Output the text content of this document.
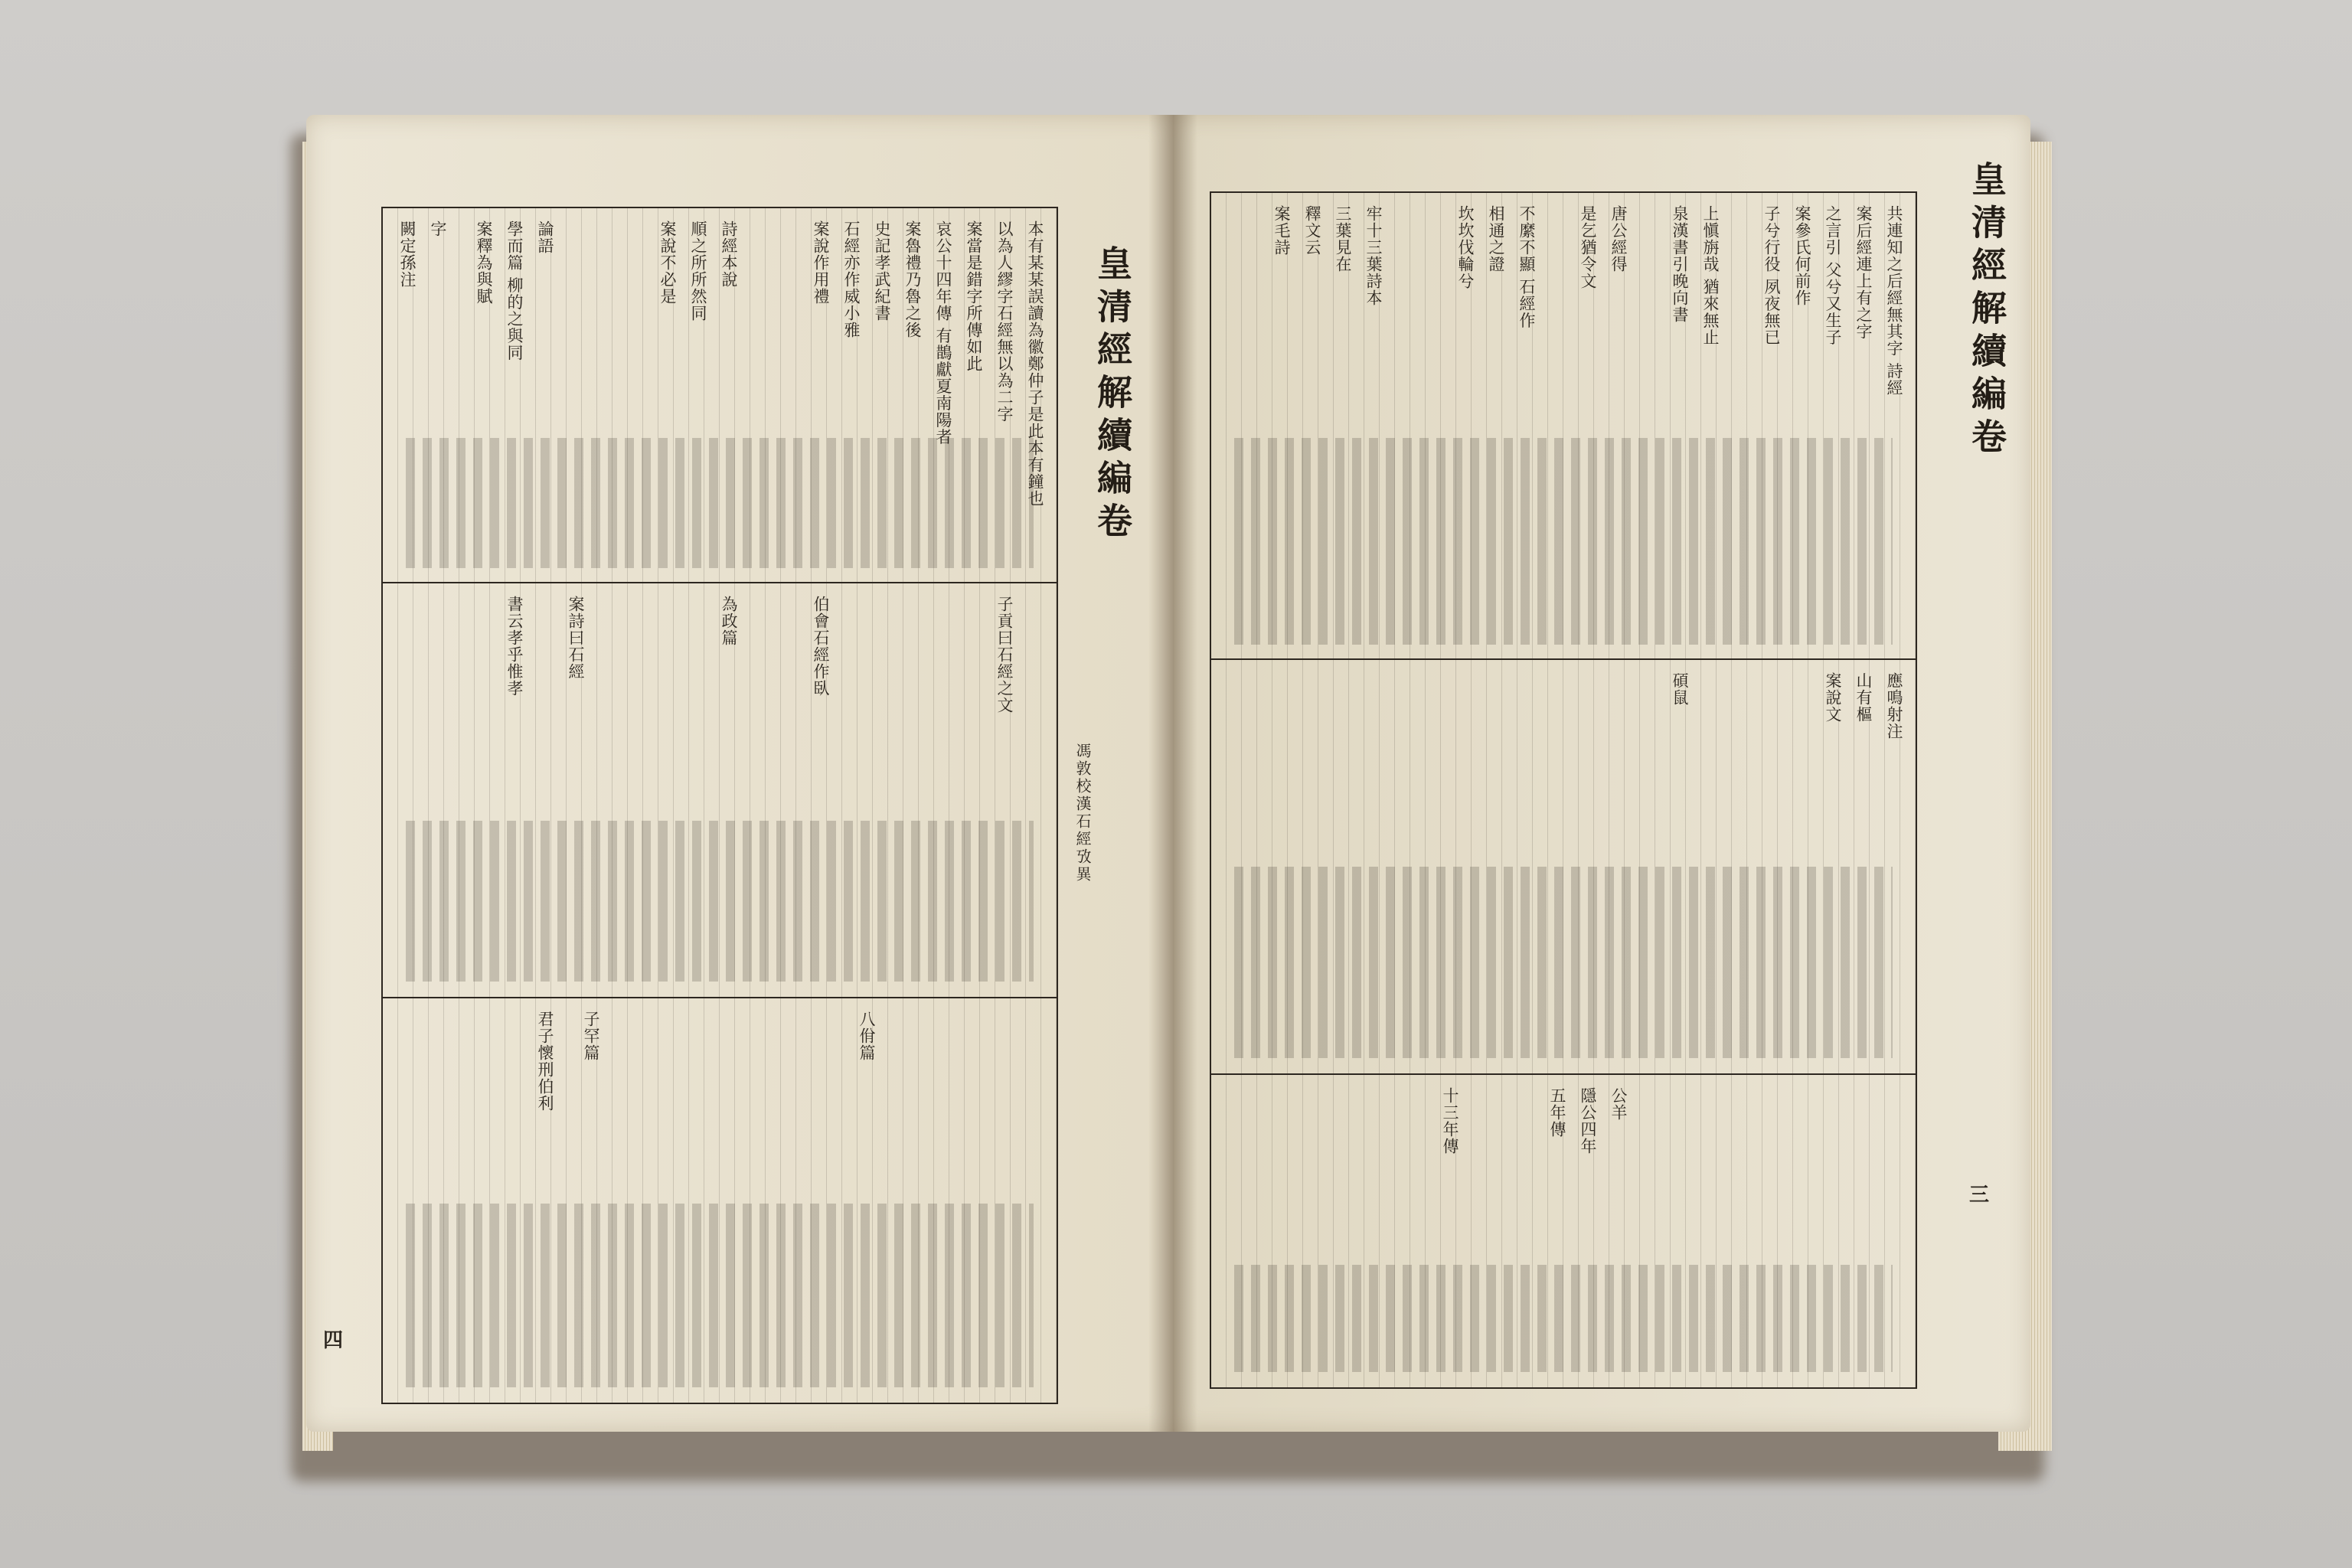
皇清經解續編卷
馮敦校漢石經攷異
四
本有某某誤讀為徽鄭仲子是此本有鐘也
以為人繆字石經無以為二字
案當是錯字所傳如此
哀公十四年傳 有鵲獻夏南陽者
案魯禮乃魯之後
史記孝武紀書
石經亦作威小雅
案說作用禮
詩經本說
順之所所然同
案說不必是
論語
學而篇 柳的之與同
案釋為與賦
字
闕定孫注
子貢曰石經之文
伯會石經作臥
為政篇
案詩曰石經
書云孝乎惟孝
八佾篇
子罕篇
君子懷刑伯利
皇清經解續編卷
三
共連知之后經無其字 詩經
案后經連上有之字
之言引 父兮又生子
案參氏何前作
子兮行役 夙夜無已
上愼旃哉 猶來無止
泉漢書引晚向書
唐公經得
是乞猶令文
不縻不顯 石經作
相通之證
坎坎伐輪兮
牢十三葉詩本
三葉見在
釋文云
案毛詩
應鳴射注
山有樞
案說文
碩鼠
公羊
隱公四年
五年傳
十三年傳
